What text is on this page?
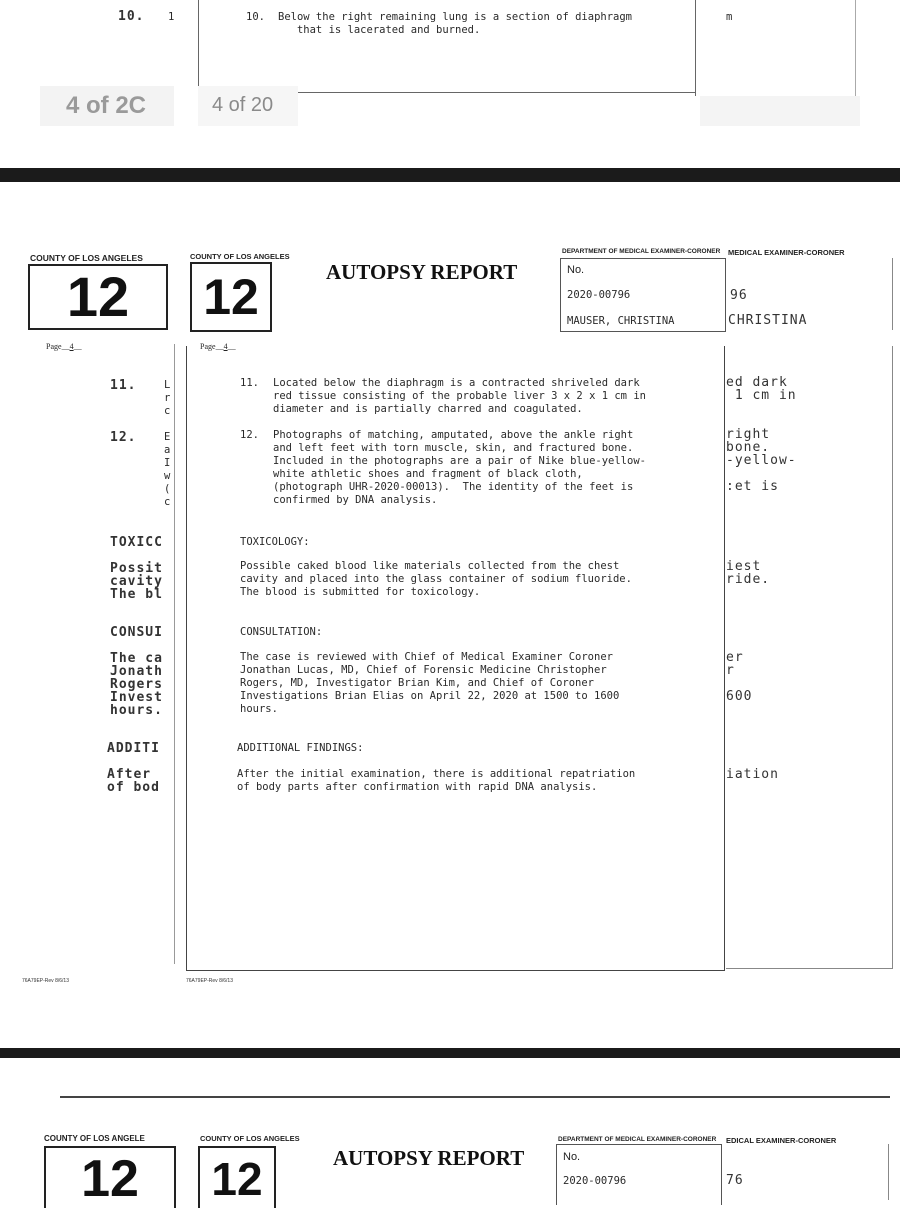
10. 1	10. Below the right remaining lung is a section of diaphragm
that is lacerated and burned.
m
4 of 2C	4 of 20
COUNTY OF LOS ANGELES
12
Page__4__
11.	L
r
c
12.	E
a
I
w
(
c
TOXICC
Possit
cavity
The bl
CONSUI
The ca
Jonath
Rogers
Invest
hours.
ADDITI
After
of bod
76A79EP-Rev 8/6/13
COUNTY OF LOS ANGELES
12
Page__4__
AUTOPSY REPORT
DEPARTMENT OF MEDICAL EXAMINER-CORONER
No.
2020-00796
MAUSER, CHRISTINA
11. Located below the diaphragm is a contracted shriveled dark
red tissue consisting of the probable liver 3 x 2 x 1 cm in
diameter and is partially charred and coagulated.
12. Photographs of matching, amputated, above the ankle right
and left feet with torn muscle, skin, and fractured bone.
Included in the photographs are a pair of Nike blue-yellow-
white athletic shoes and fragment of black cloth,
(photograph UHR-2020-00013).  The identity of the feet is
confirmed by DNA analysis.
TOXICOLOGY:
Possible caked blood like materials collected from the chest
cavity and placed into the glass container of sodium fluoride.
The blood is submitted for toxicology.
CONSULTATION:
The case is reviewed with Chief of Medical Examiner Coroner
Jonathan Lucas, MD, Chief of Forensic Medicine Christopher
Rogers, MD, Investigator Brian Kim, and Chief of Coroner
Investigations Brian Elias on April 22, 2020 at 1500 to 1600
hours.
ADDITIONAL FINDINGS:
After the initial examination, there is additional repatriation
of body parts after confirmation with rapid DNA analysis.
76A79EP-Rev 8/6/13
MEDICAL EXAMINER-CORONER
96
CHRISTINA
ed dark
1 cm in
right
bone.
-yellow-

:et is
iest
ride.
er
r

600
iation
COUNTY OF LOS ANGELE
12
COUNTY OF LOS ANGELES
12	AUTOPSY REPORT
DEPARTMENT OF MEDICAL EXAMINER-CORONER
No.
2020-00796
EDICAL EXAMINER-CORONER
76
